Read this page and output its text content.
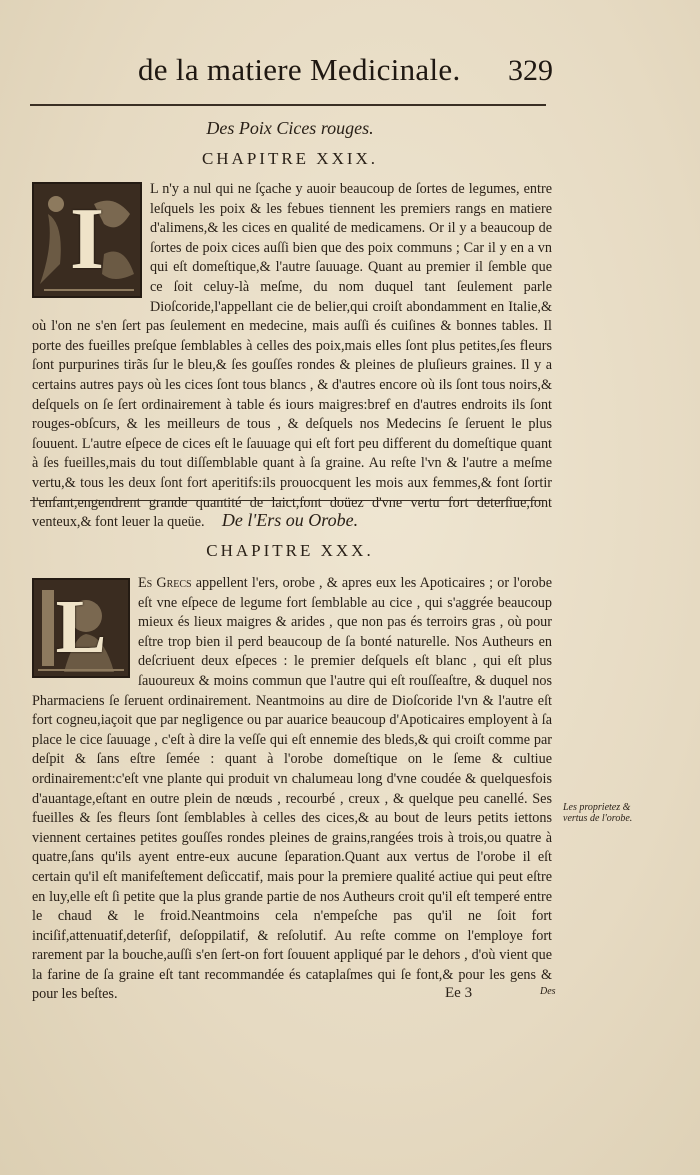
de la matiere Medicinale. 329
Des Poix Cices rouges.
CHAPITRE XXIX.
I

L n'y a nul qui ne ſçache y auoir beaucoup de ſortes de legumes, entre leſquels les poix & les febues tiennent les premiers rangs en matiere d'alimens,& les cices en qualité de medicamens. Or il y a beaucoup de ſortes de poix cices auſſi bien que des poix communs ; Car il y en a vn qui eſt domeſtique,& l'autre ſauuage. Quant au premier il ſemble que ce ſoit celuy-là meſme, du nom duquel tant ſeulement parle Dioſcoride,l'appellant cie de belier,qui croiſt abondamment en Italie,& où l'on ne s'en ſert pas ſeulement en medecine, mais auſſi és cuiſines & bonnes tables. Il porte des fueilles preſque ſemblables à celles des poix,mais elles ſont plus petites,ſes fleurs ſont purpurines tirãs ſur le bleu,& ſes gouſſes rondes & pleines de pluſieurs graines. Il y a certains autres pays où les cices ſont tous blancs , & d'autres encore où ils ſont tous noirs,& deſquels on ſe ſert ordinairement à table és iours maigres:bref en d'autres endroits ils ſont rouges-obſcurs, & les meilleurs de tous , & deſquels nos Medecins ſe ſeruent le plus ſouuent. L'autre eſpece de cices eſt le ſauuage qui eſt fort peu different du domeſtique quant à ſes fueilles,mais du tout diſſemblable quant à ſa graine. Au reſte l'vn & l'autre a meſme vertu,& tous les deux ſont fort aperitifs:ils prouocquent les mois aux femmes,& font ſortir l'enfant,engendrent grande quantité de laict,ſont doüez d'vne vertu fort deterſiue,ſont venteux,& font leuer la queüe. De l'Ers ou Orobe.
CHAPITRE XXX.
L

Es Grecs appellent l'ers, orobe , & apres eux les Apoticaires ; or l'orobe eſt vne eſpece de legume fort ſemblable au cice , qui s'aggrée beaucoup mieux és lieux maigres & arides , que non pas és terroirs gras , où pour eſtre trop bien il perd beaucoup de ſa bonté naturelle. Nos Autheurs en deſcriuent deux eſpeces : le premier deſquels eſt blanc , qui eſt plus ſauoureux & moins commun que l'autre qui eſt rouſſeaſtre, & duquel nos Pharmaciens ſe ſeruent ordinairement. Neantmoins au dire de Dioſcoride l'vn & l'autre eſt fort cogneu,iaçoit que par negligence ou par auarice beaucoup d'Apoticaires employent à ſa place le cice ſauuage , c'eſt à dire la veſſe qui eſt ennemie des bleds,& qui croiſt comme par deſpit & ſans eſtre ſemée : quant à l'orobe domeſtique on le ſeme & cultiue ordinairement:c'eſt vne plante qui produit vn chalumeau long d'vne coudée & quelquesfois d'auantage,eſtant en outre plein de nœuds , recourbé , creux , & quelque peu canellé. Ses fueilles & ſes fleurs ſont ſemblables à celles des cices,& au bout de leurs petits iettons viennent certaines petites gouſſes rondes pleines de grains,rangées trois à trois,ou quatre à quatre,ſans qu'ils ayent entre-eux aucune ſeparation.Quant aux vertus de l'orobe il eſt certain qu'il eſt manifeſtement deſiccatif, mais pour la premiere qualité actiue qui peut eſtre en luy,elle eſt ſi petite que la plus grande partie de nos Autheurs croit qu'il eſt temperé entre le chaud & le froid.Neantmoins cela n'empeſche pas qu'il ne ſoit fort inciſif,attenuatif,deterſif, deſoppilatif, & reſolutif. Au reſte comme on l'employe fort rarement par la bouche,auſſi s'en ſert-on fort ſouuent appliqué par le dehors , d'où vient que la farine de ſa graine eſt tant recommandée és cataplaſmes qui ſe font,& pour les gens & pour les beſtes.

Les proprietez & vertus de l'orobe.
Ee 3	Des
